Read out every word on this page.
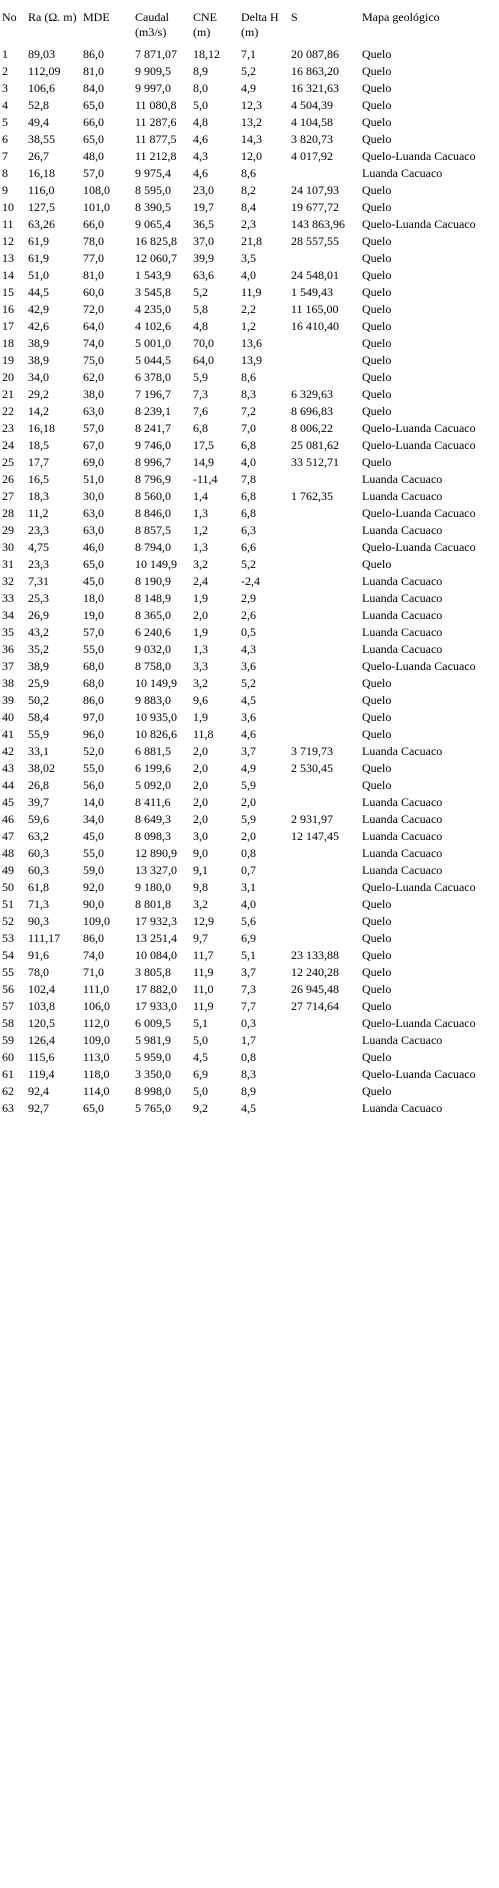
No	Ra (Ω. m)	MDE	Caudal (m3/s)	CNE (m)	Delta H (m)	S	Mapa geológico
1	89,03	86,0	7 871,07	18,12	7,1	20 087,86	Quelo
2	112,09	81,0	9 909,5	8,9	5,2	16 863,20	Quelo
3	106,6	84,0	9 997,0	8,0	4,9	16 321,63	Quelo
4	52,8	65,0	11 080,8	5,0	12,3	4 504,39	Quelo
5	49,4	66,0	11 287,6	4,8	13,2	4 104,58	Quelo
6	38,55	65,0	11 877,5	4,6	14,3	3 820,73	Quelo
7	26,7	48,0	11 212,8	4,3	12,0	4 017,92	Quelo-Luanda Cacuaco
8	16,18	57,0	9 975,4	4,6	8,6		Luanda Cacuaco
9	116,0	108,0	8 595,0	23,0	8,2	24 107,93	Quelo
10	127,5	101,0	8 390,5	19,7	8,4	19 677,72	Quelo
11	63,26	66,0	9 065,4	36,5	2,3	143 863,96	Quelo-Luanda Cacuaco
12	61,9	78,0	16 825,8	37,0	21,8	28 557,55	Quelo
13	61,9	77,0	12 060,7	39,9	3,5		Quelo
14	51,0	81,0	1 543,9	63,6	4,0	24 548,01	Quelo
15	44,5	60,0	3 545,8	5,2	11,9	1 549,43	Quelo
16	42,9	72,0	4 235,0	5,8	2,2	11 165,00	Quelo
17	42,6	64,0	4 102,6	4,8	1,2	16 410,40	Quelo
18	38,9	74,0	5 001,0	70,0	13,6		Quelo
19	38,9	75,0	5 044,5	64,0	13,9		Quelo
20	34,0	62,0	6 378,0	5,9	8,6		Quelo
21	29,2	38,0	7 196,7	7,3	8,3	6 329,63	Quelo
22	14,2	63,0	8 239,1	7,6	7,2	8 696,83	Quelo
23	16,18	57,0	8 241,7	6,8	7,0	8 006,22	Quelo-Luanda Cacuaco
24	18,5	67,0	9 746,0	17,5	6,8	25 081,62	Quelo-Luanda Cacuaco
25	17,7	69,0	8 996,7	14,9	4,0	33 512,71	Quelo
26	16,5	51,0	8 796,9	-11,4	7,8		Luanda Cacuaco
27	18,3	30,0	8 560,0	1,4	6,8	1 762,35	Luanda Cacuaco
28	11,2	63,0	8 846,0	1,3	6,8		Quelo-Luanda Cacuaco
29	23,3	63,0	8 857,5	1,2	6,3		Luanda Cacuaco
30	4,75	46,0	8 794,0	1,3	6,6		Quelo-Luanda Cacuaco
31	23,3	65,0	10 149,9	3,2	5,2		Quelo
32	7,31	45,0	8 190,9	2,4	-2,4		Luanda Cacuaco
33	25,3	18,0	8 148,9	1,9	2,9		Luanda Cacuaco
34	26,9	19,0	8 365,0	2,0	2,6		Luanda Cacuaco
35	43,2	57,0	6 240,6	1,9	0,5		Luanda Cacuaco
36	35,2	55,0	9 032,0	1,3	4,3		Luanda Cacuaco
37	38,9	68,0	8 758,0	3,3	3,6		Quelo-Luanda Cacuaco
38	25,9	68,0	10 149,9	3,2	5,2		Quelo
39	50,2	86,0	9 883,0	9,6	4,5		Quelo
40	58,4	97,0	10 935,0	1,9	3,6		Quelo
41	55,9	96,0	10 826,6	11,8	4,6		Quelo
42	33,1	52,0	6 881,5	2,0	3,7	3 719,73	Luanda Cacuaco
43	38,02	55,0	6 199,6	2,0	4,9	2 530,45	Quelo
44	26,8	56,0	5 092,0	2,0	5,9		Quelo
45	39,7	14,0	8 411,6	2,0	2,0		Luanda Cacuaco
46	59,6	34,0	8 649,3	2,0	5,9	2 931,97	Luanda Cacuaco
47	63,2	45,0	8 098,3	3,0	2,0	12 147,45	Luanda Cacuaco
48	60,3	55,0	12 890,9	9,0	0,8		Luanda Cacuaco
49	60,3	59,0	13 327,0	9,1	0,7		Luanda Cacuaco
50	61,8	92,0	9 180,0	9,8	3,1		Quelo-Luanda Cacuaco
51	71,3	90,0	8 801,8	3,2	4,0		Quelo
52	90,3	109,0	17 932,3	12,9	5,6		Quelo
53	111,17	86,0	13 251,4	9,7	6,9		Quelo
54	91,6	74,0	10 084,0	11,7	5,1	23 133,88	Quelo
55	78,0	71,0	3 805,8	11,9	3,7	12 240,28	Quelo
56	102,4	111,0	17 882,0	11,0	7,3	26 945,48	Quelo
57	103,8	106,0	17 933,0	11,9	7,7	27 714,64	Quelo
58	120,5	112,0	6 009,5	5,1	0,3		Quelo-Luanda Cacuaco
59	126,4	109,0	5 981,9	5,0	1,7		Luanda Cacuaco
60	115,6	113,0	5 959,0	4,5	0,8		Quelo
61	119,4	118,0	3 350,0	6,9	8,3		Quelo-Luanda Cacuaco
62	92,4	114,0	8 998,0	5,0	8,9		Quelo
63	92,7	65,0	5 765,0	9,2	4,5		Luanda Cacuaco
